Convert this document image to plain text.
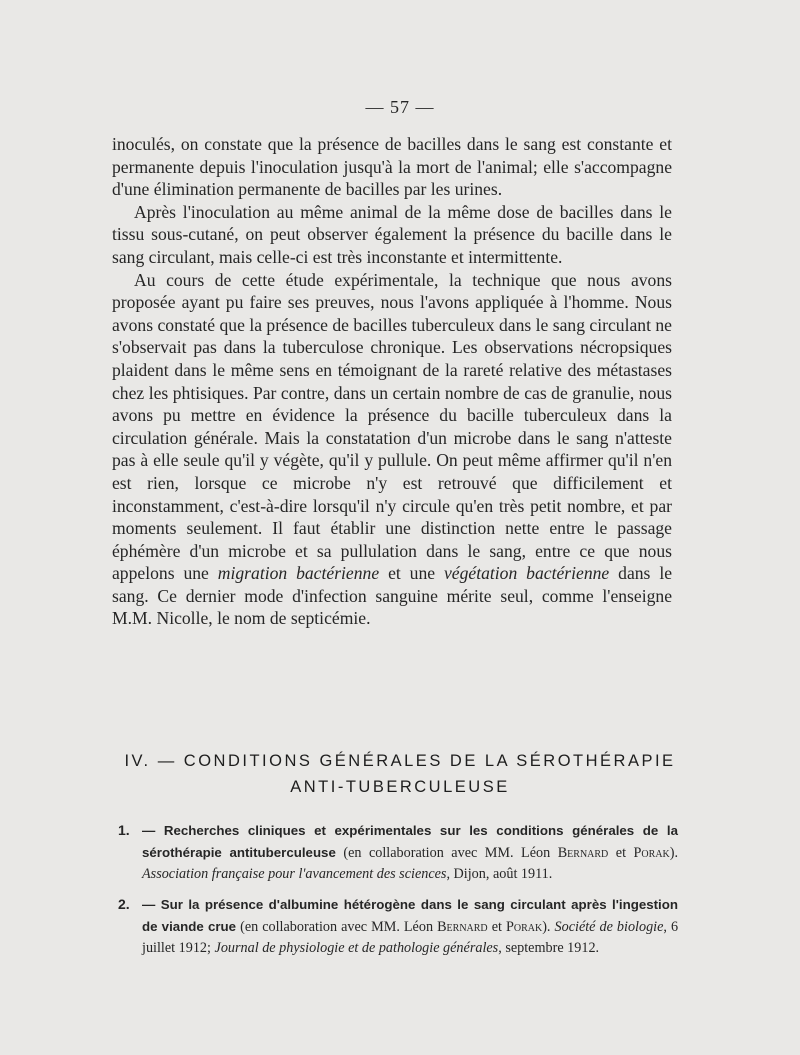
— 57 —

inoculés, on constate que la présence de bacilles dans le sang est constante et permanente depuis l'inoculation jusqu'à la mort de l'animal; elle s'accompagne d'une élimination permanente de bacilles par les urines.

Après l'inoculation au même animal de la même dose de bacilles dans le tissu sous-cutané, on peut observer également la présence du bacille dans le sang circulant, mais celle-ci est très inconstante et intermittente.

Au cours de cette étude expérimentale, la technique que nous avons proposée ayant pu faire ses preuves, nous l'avons appliquée à l'homme. Nous avons constaté que la présence de bacilles tuberculeux dans le sang circulant ne s'observait pas dans la tuberculose chronique. Les observations nécropsiques plaident dans le même sens en témoignant de la rareté relative des métastases chez les phtisiques. Par contre, dans un certain nombre de cas de granulie, nous avons pu mettre en évidence la présence du bacille tuberculeux dans la circulation générale. Mais la constatation d'un microbe dans le sang n'atteste pas à elle seule qu'il y végète, qu'il y pullule. On peut même affirmer qu'il n'en est rien, lorsque ce microbe n'y est retrouvé que difficilement et inconstamment, c'est-à-dire lorsqu'il n'y circule qu'en très petit nombre, et par moments seulement. Il faut établir une distinction nette entre le passage éphémère d'un microbe et sa pullulation dans le sang, entre ce que nous appelons une migration bactérienne et une végétation bactérienne dans le sang. Ce dernier mode d'infection sanguine mérite seul, comme l'enseigne M.M. Nicolle, le nom de septicémie.

IV. — CONDITIONS GÉNÉRALES DE LA SÉROTHÉRAPIE
ANTI-TUBERCULEUSE
1. — Recherches cliniques et expérimentales sur les conditions générales de la sérothérapie antituberculeuse (en collaboration avec MM. Léon Bernard et Porak). Association française pour l'avancement des sciences, Dijon, août 1911.
2. — Sur la présence d'albumine hétérogène dans le sang circulant après l'ingestion de viande crue (en collaboration avec MM. Léon Bernard et Porak). Société de biologie, 6 juillet 1912; Journal de physiologie et de pathologie générales, septembre 1912.
